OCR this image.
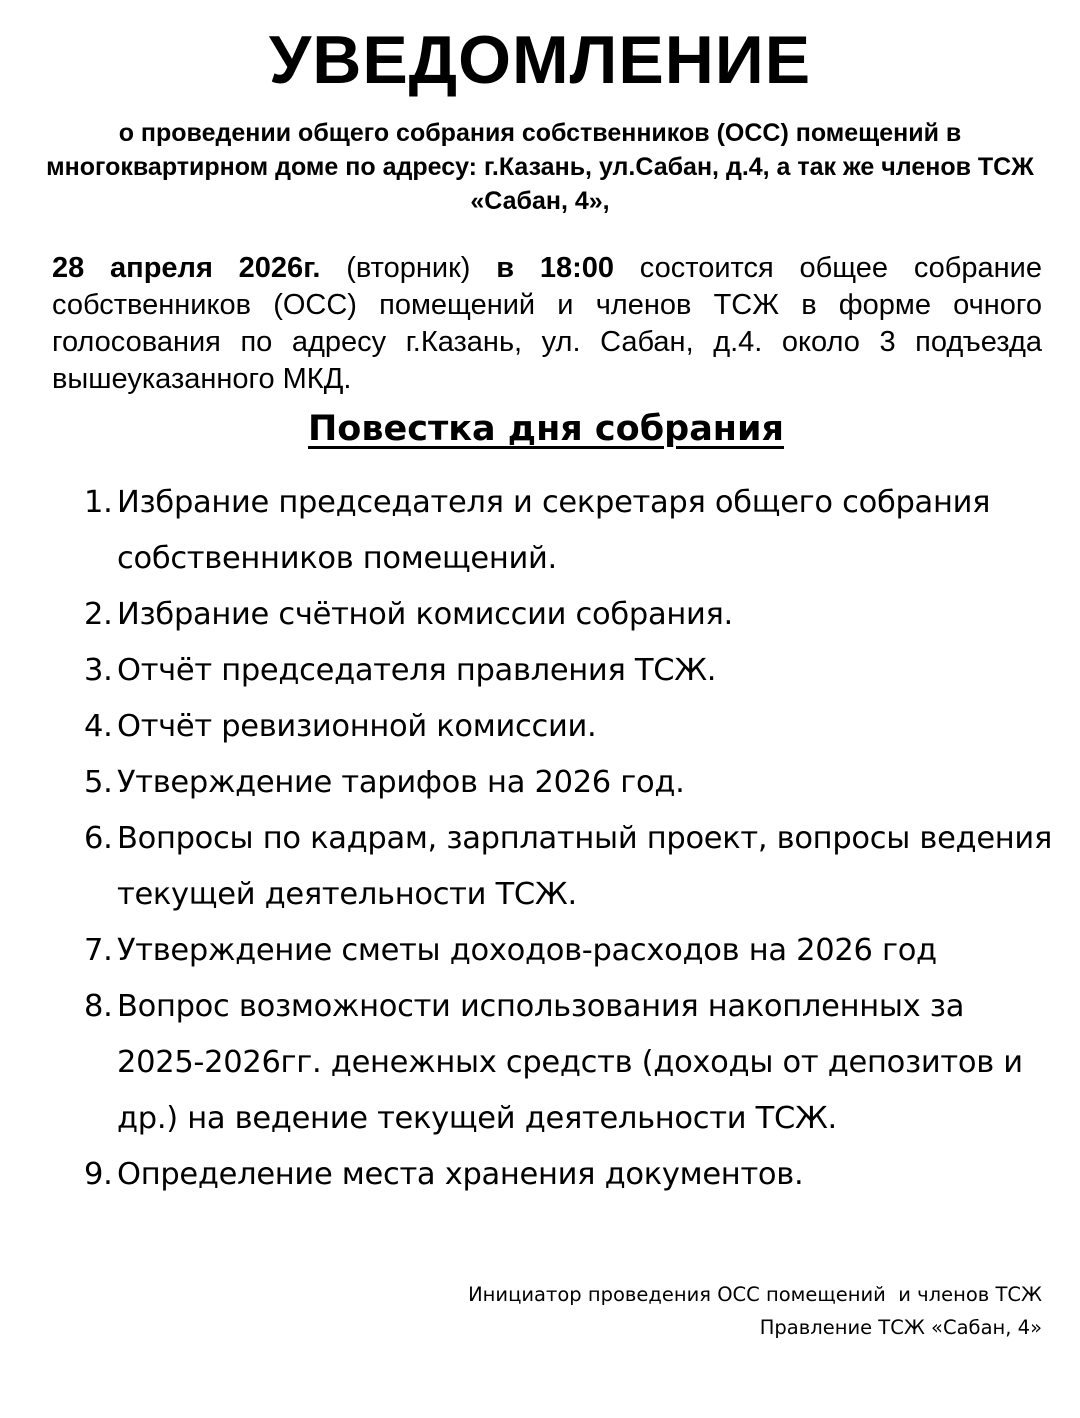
УВЕДОМЛЕНИЕ
о проведении общего собрания собственников (ОСС) помещений в многоквартирном доме по адресу: г.Казань, ул.Сабан, д.4, а так же членов ТСЖ «Сабан, 4»,
28 апреля 2026г. (вторник) в 18:00 состоится общее собрание собственников (ОСС) помещений и членов ТСЖ в форме очного голосования по адресу г.Казань, ул. Сабан, д.4. около 3 подъезда вышеуказанного МКД.
Повестка дня собрания
1. Избрание председателя и секретаря общего собрания собственников помещений.
2. Избрание счётной комиссии собрания.
3. Отчёт председателя правления ТСЖ.
4. Отчёт ревизионной комиссии.
5. Утверждение тарифов на 2026 год.
6. Вопросы по кадрам, зарплатный проект, вопросы ведения текущей деятельности ТСЖ.
7. Утверждение сметы доходов-расходов на 2026 год
8. Вопрос возможности использования накопленных за 2025-2026гг. денежных средств (доходы от депозитов и др.) на ведение текущей деятельности ТСЖ.
9. Определение места хранения документов.
Инициатор проведения ОСС помещений  и членов ТСЖ
Правление ТСЖ «Сабан, 4»
